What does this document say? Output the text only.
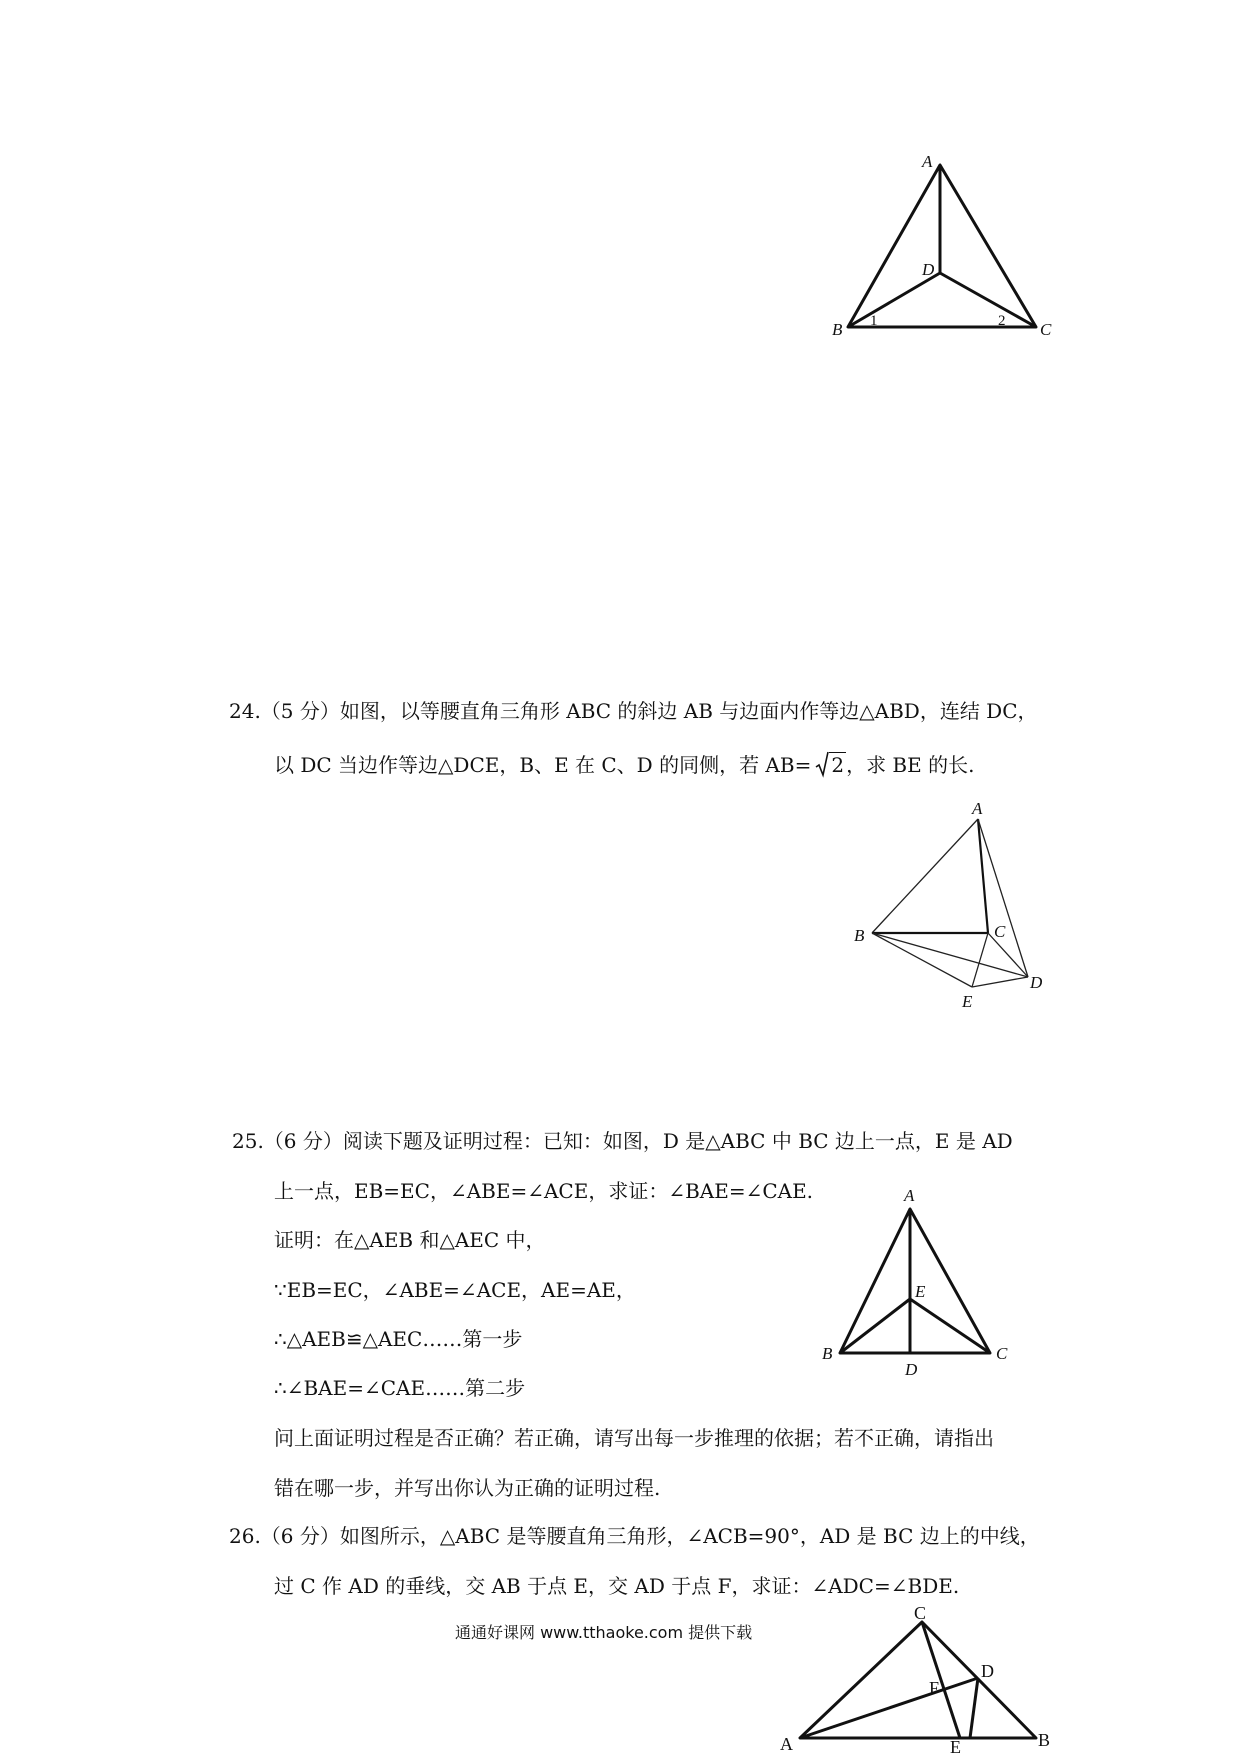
A
D
B	C
1	2
24.（5 分）如图，以等腰直角三角形 ABC 的斜边 AB 与边面内作等边△ABD，连结 DC，
以 DC 当边作等边△DCE，B、E 在 C、D 的同侧，若 AB= 2 ，求 BE 的长.
A
B	C
D
E
25.（6 分）阅读下题及证明过程：已知：如图，D 是△ABC 中 BC 边上一点，E 是 AD
上一点，EB=EC，∠ABE=∠ACE，求证：∠BAE=∠CAE.
证明：在△AEB 和△AEC 中，
∵EB=EC，∠ABE=∠ACE，AE=AE，
∴△AEB≌△AEC……第一步
∴∠BAE=∠CAE……第二步
问上面证明过程是否正确？若正确，请写出每一步推理的依据；若不正确，请指出
错在哪一步，并写出你认为正确的证明过程.
A
E
B	C
D
26.（6 分）如图所示，△ABC 是等腰直角三角形，∠ACB=90°，AD 是 BC 边上的中线，
过 C 作 AD 的垂线，交 AB 于点 E，交 AD 于点 F，求证：∠ADC=∠BDE.
通通好课网 www.tthaoke.com 提供下载
C
F
D
A	E	B
